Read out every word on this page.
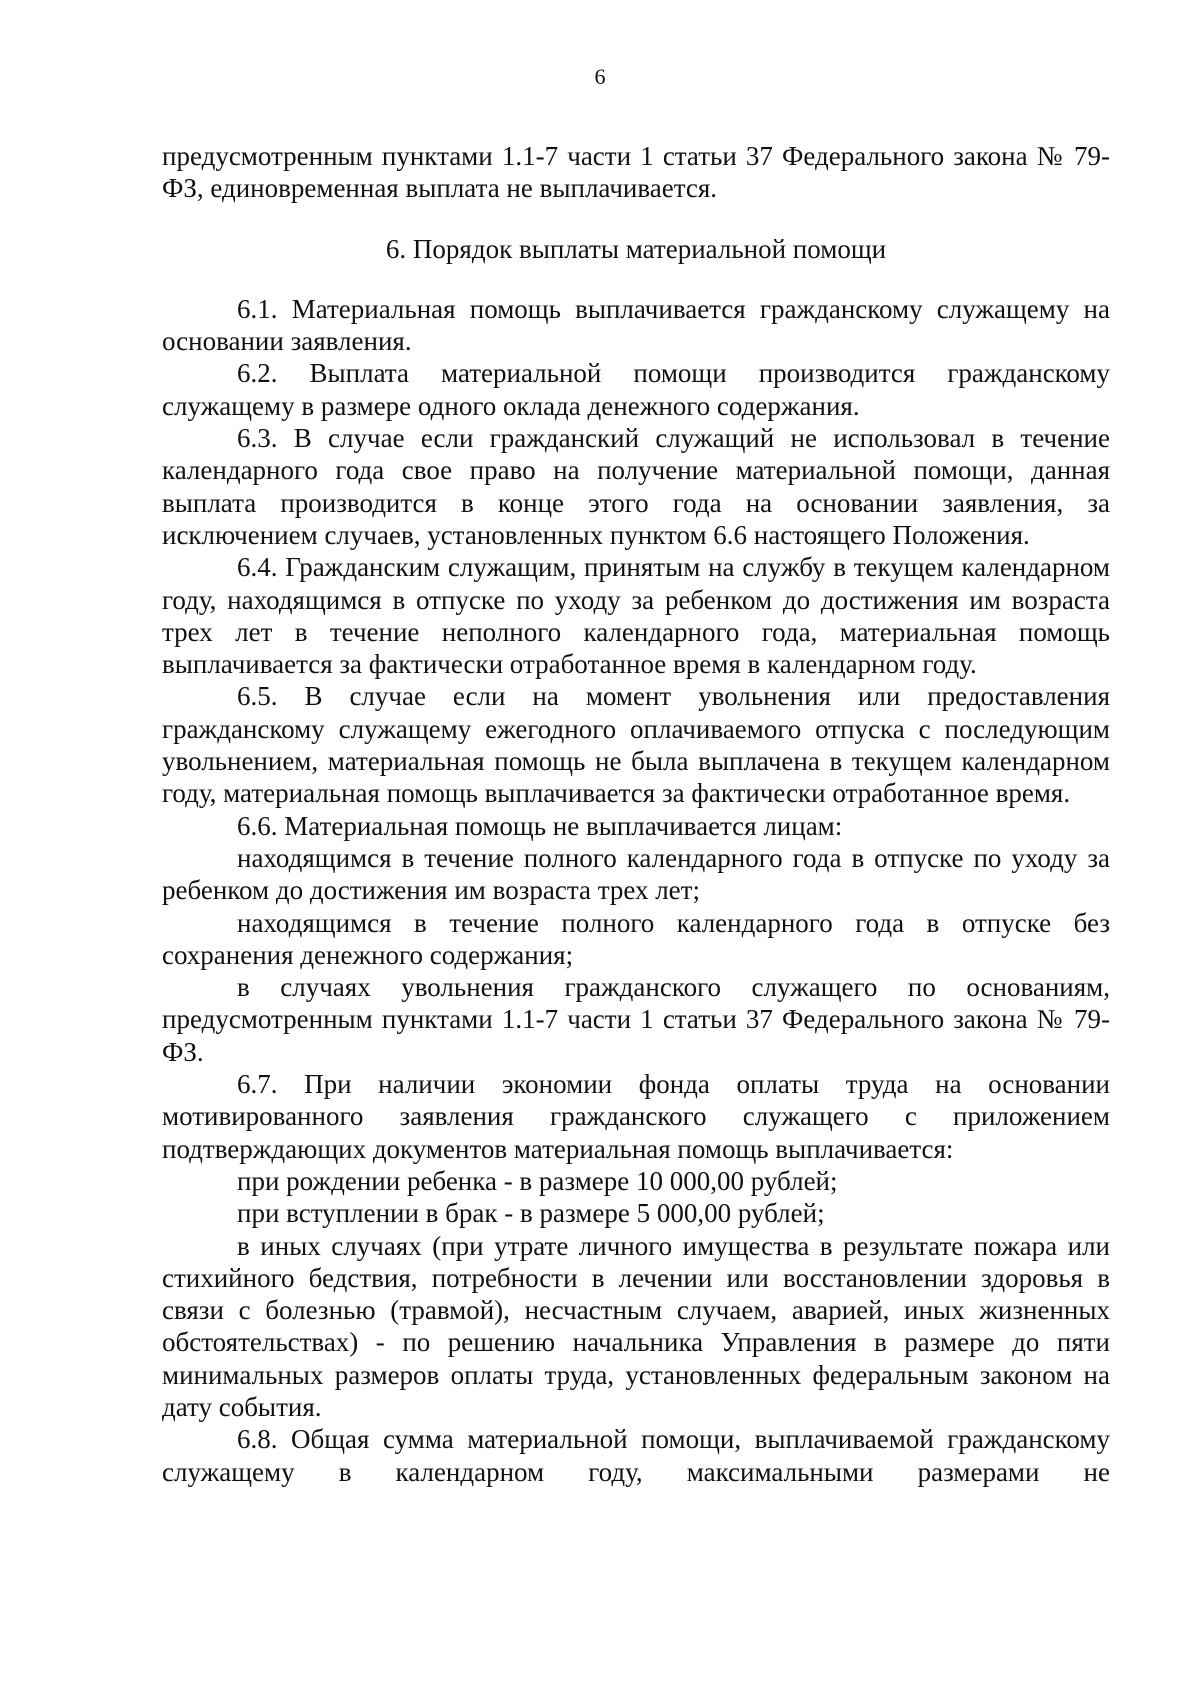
6

предусмотренным пунктами 1.1-7 части 1 статьи 37 Федерального закона № 79-ФЗ, единовременная выплата не выплачивается.

6. Порядок выплаты материальной помощи

6.1. Материальная помощь выплачивается гражданскому служащему на основании заявления.

6.2. Выплата материальной помощи производится гражданскому служащему в размере одного оклада денежного содержания.

6.3. В случае если гражданский служащий не использовал в течение календарного года свое право на получение материальной помощи, данная выплата производится в конце этого года на основании заявления, за исключением случаев, установленных пунктом 6.6 настоящего Положения.

6.4. Гражданским служащим, принятым на службу в текущем календарном году, находящимся в отпуске по уходу за ребенком до достижения им возраста трех лет в течение неполного календарного года, материальная помощь выплачивается за фактически отработанное время в календарном году.

6.5. В случае если на момент увольнения или предоставления гражданскому служащему ежегодного оплачиваемого отпуска с последующим увольнением, материальная помощь не была выплачена в текущем календарном году, материальная помощь выплачивается за фактически отработанное время.

6.6. Материальная помощь не выплачивается лицам:

находящимся в течение полного календарного года в отпуске по уходу за ребенком до достижения им возраста трех лет;

находящимся в течение полного календарного года в отпуске без сохранения денежного содержания;

в случаях увольнения гражданского служащего по основаниям, предусмотренным пунктами 1.1-7 части 1 статьи 37 Федерального закона № 79-ФЗ.

6.7. При наличии экономии фонда оплаты труда на основании мотивированного заявления гражданского служащего с приложением подтверждающих документов материальная помощь выплачивается:

при рождении ребенка - в размере 10 000,00 рублей;

при вступлении в брак - в размере 5 000,00 рублей;

в иных случаях (при утрате личного имущества в результате пожара или стихийного бедствия, потребности в лечении или восстановлении здоровья в связи с болезнью (травмой), несчастным случаем, аварией, иных жизненных обстоятельствах) - по решению начальника Управления в размере до пяти минимальных размеров оплаты труда, установленных федеральным законом на дату события.

6.8. Общая сумма материальной помощи, выплачиваемой гражданскому служащему в календарном году, максимальными размерами не
